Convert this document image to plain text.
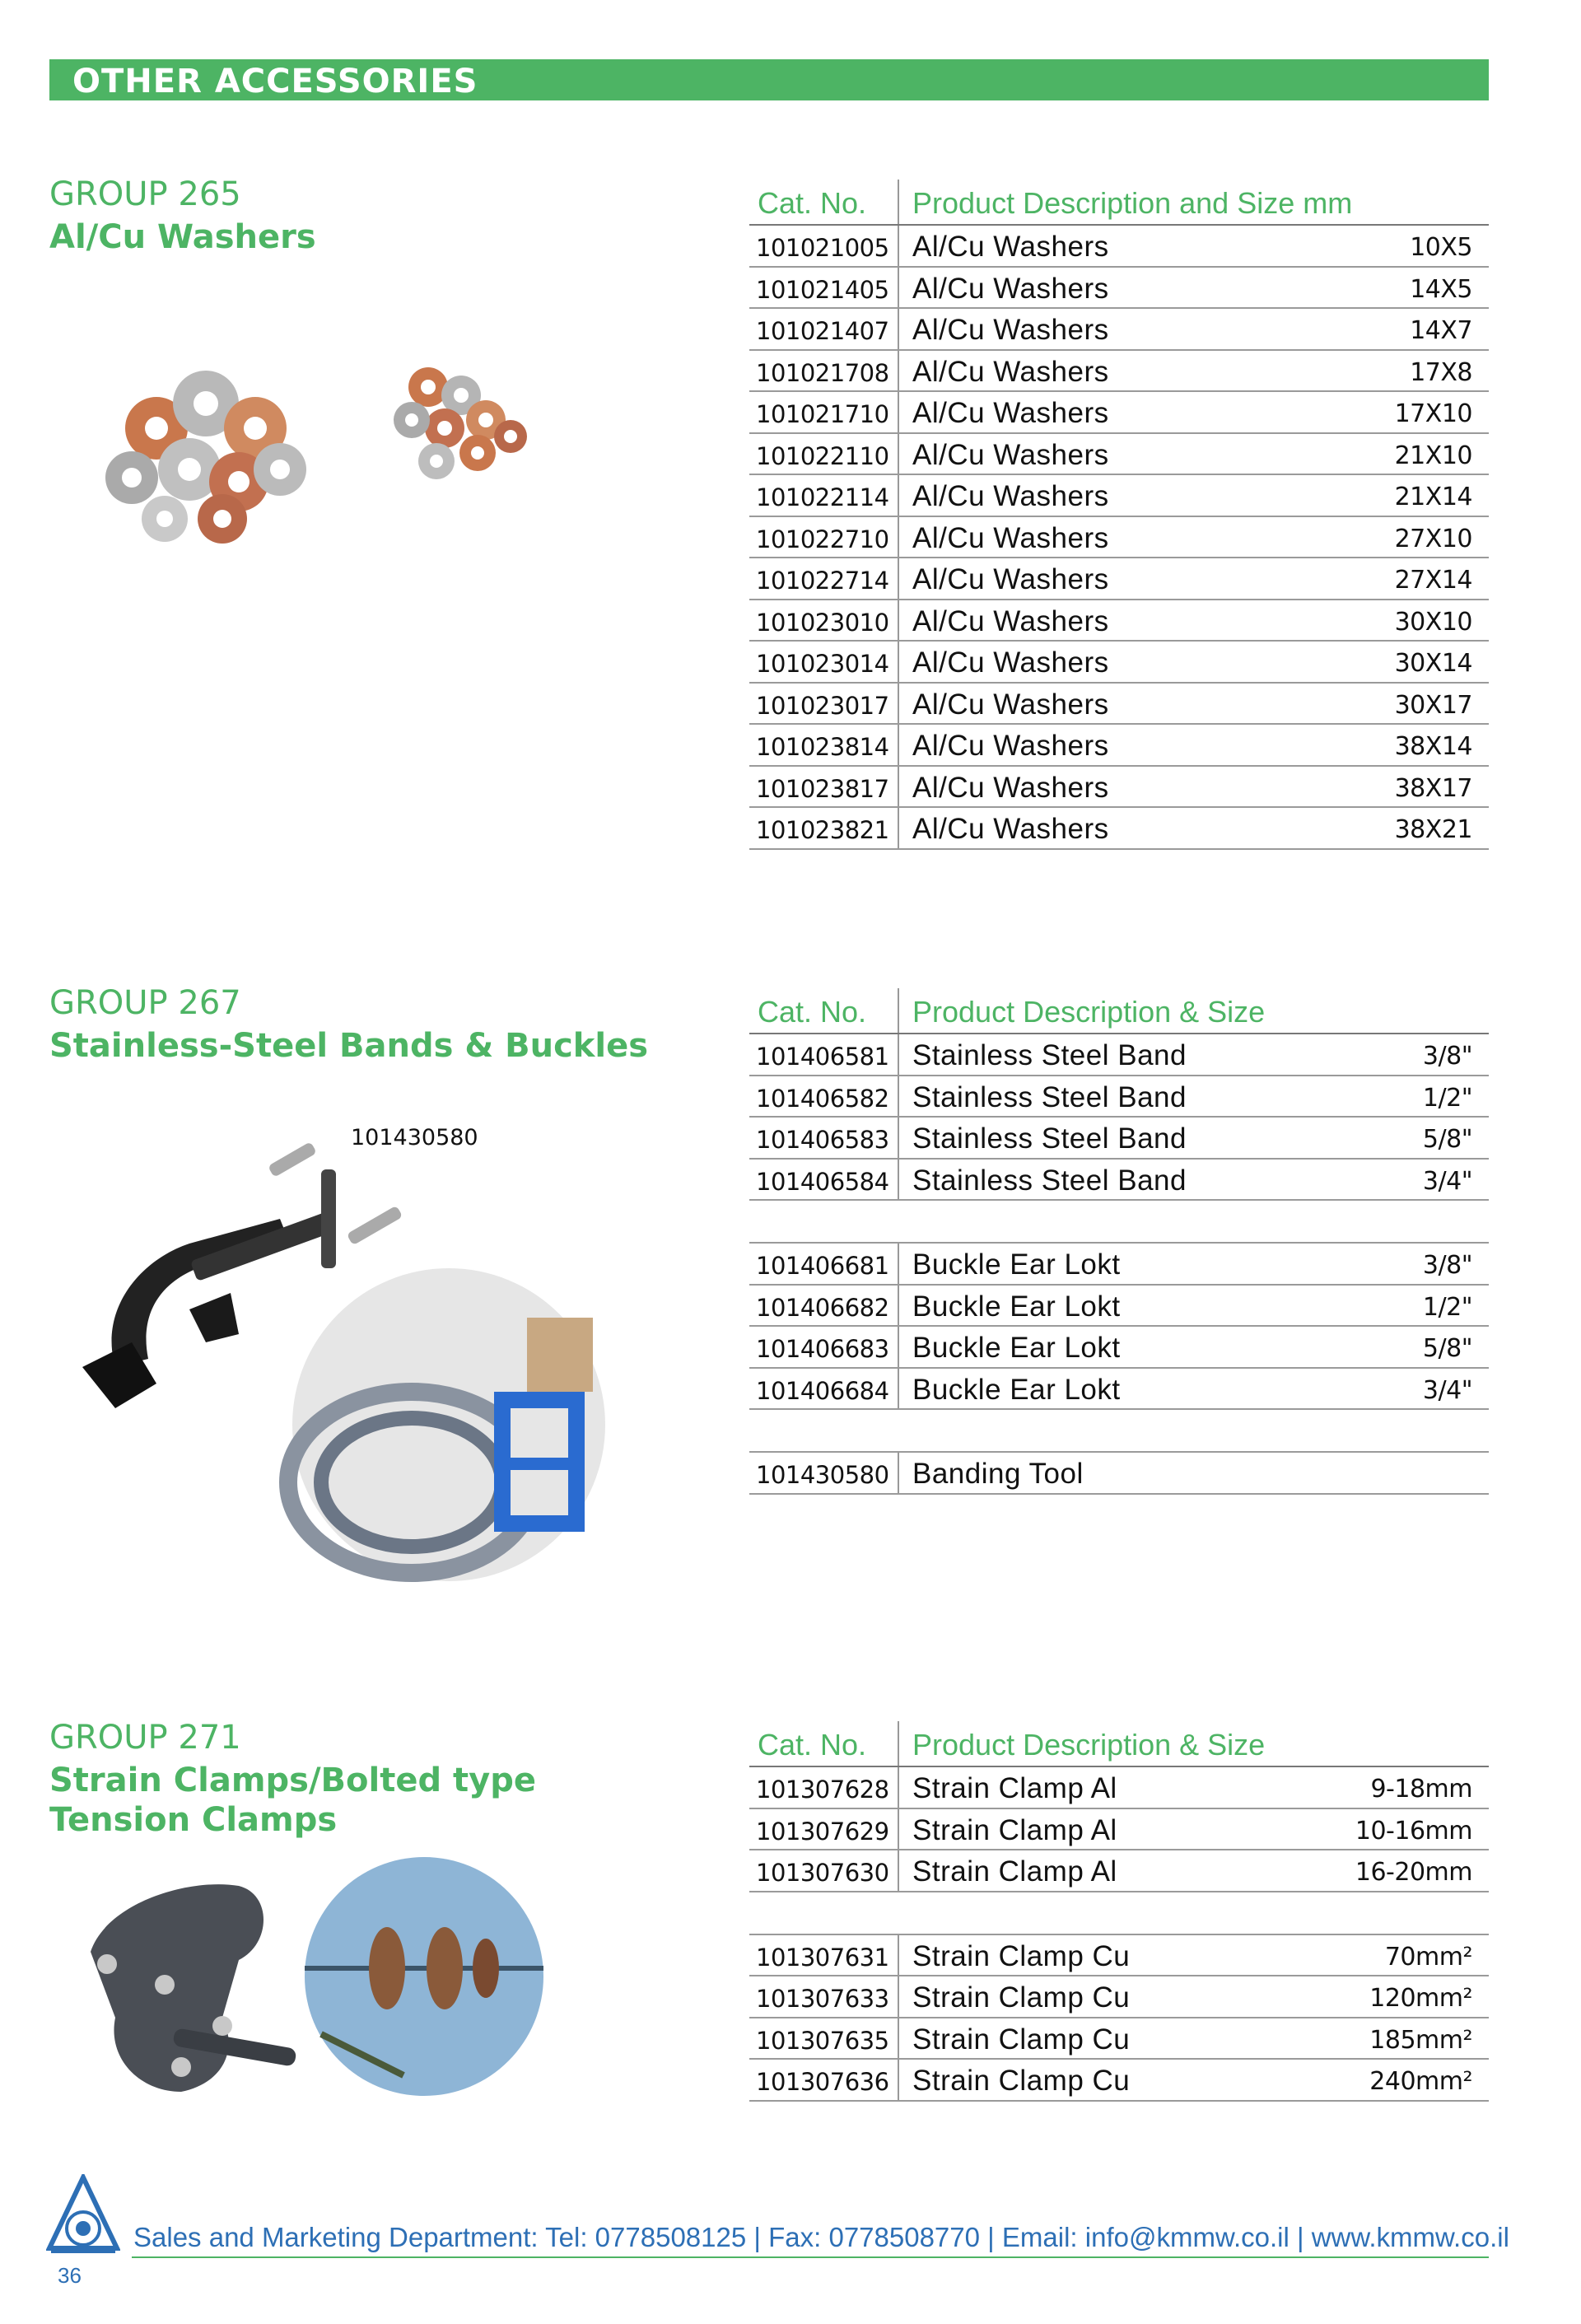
OTHER ACCESSORIES
GROUP 265
Al/Cu Washers
Cat. No. Product Description and Size mm
101021005 Al/Cu Washers	10X5
101021405 Al/Cu Washers	14X5
101021407 Al/Cu Washers	14X7
101021708 Al/Cu Washers	17X8
101021710 Al/Cu Washers	17X10
101022110 Al/Cu Washers	21X10
101022114 Al/Cu Washers	21X14
101022710 Al/Cu Washers	27X10
101022714 Al/Cu Washers	27X14
101023010 Al/Cu Washers	30X10
101023014 Al/Cu Washers	30X14
101023017 Al/Cu Washers	30X17
101023814 Al/Cu Washers	38X14
101023817 Al/Cu Washers	38X17
101023821 Al/Cu Washers	38X21
GROUP 267
Stainless-Steel Bands & Buckles
101430580
Cat. No. Product Description & Size
101406581 Stainless Steel Band	3/8"
101406582 Stainless Steel Band	1/2"
101406583 Stainless Steel Band	5/8"
101406584 Stainless Steel Band	3/4"
101406681 Buckle Ear Lokt	3/8"
101406682 Buckle Ear Lokt	1/2"
101406683 Buckle Ear Lokt	5/8"
101406684 Buckle Ear Lokt	3/4"
101430580 Banding Tool
GROUP 271
Strain Clamps/Bolted type
Tension Clamps
Cat. No. Product Description & Size
101307628 Strain Clamp Al	9-18mm
101307629 Strain Clamp Al	10-16mm
101307630 Strain Clamp Al	16-20mm
101307631 Strain Clamp Cu	70mm²
101307633 Strain Clamp Cu	120mm²
101307635 Strain Clamp Cu	185mm²
101307636 Strain Clamp Cu	240mm²
Sales and Marketing Department: Tel: 0778508125 | Fax: 0778508770 | Email: info@kmmw.co.il | www.kmmw.co.il
36
